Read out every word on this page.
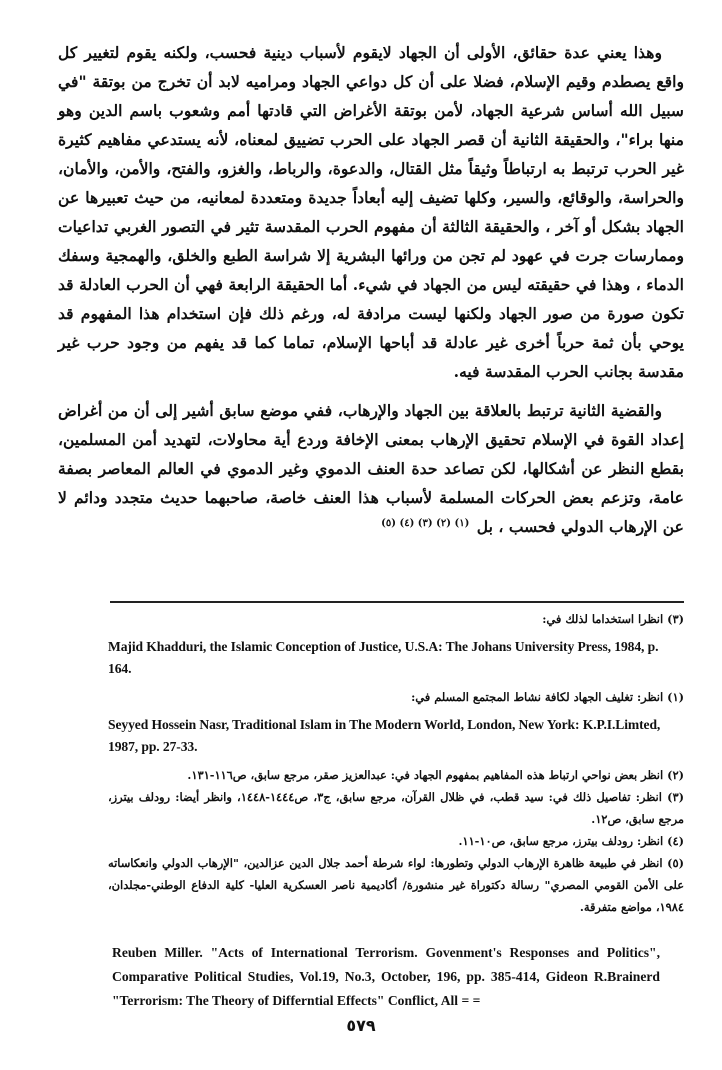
وهذا يعني عدة حقائق، الأولى أن الجهاد لايقوم لأسباب دينية فحسب، ولكنه يقوم لتغيير كل واقع يصطدم وقيم الإسلام، فضلا على أن كل دواعي الجهاد ومراميه لابد أن تخرج من بوتقة "في سبيل الله أساس شرعية الجهاد، لأمن بوتقة الأغراض التي قادتها أمم وشعوب باسم الدين وهو منها براء"، والحقيقة الثانية أن قصر الجهاد على الحرب تضييق لمعناه، لأنه يستدعي مفاهيم كثيرة غير الحرب ترتبط به ارتباطاً وثيقاً مثل القتال، والدعوة، والرباط، والغزو، والفتح، والأمن، والأمان، والحراسة، والوقائع، والسير، وكلها تضيف إليه أبعاداً جديدة ومتعددة لمعانيه، من حيث تعبيرها عن الجهاد بشكل أو آخر ، والحقيقة الثالثة أن مفهوم الحرب المقدسة تثير في التصور الغربي تداعيات وممارسات جرت في عهود لم تجن من ورائها البشرية إلا شراسة الطبع والخلق، والهمجية وسفك الدماء ، وهذا في حقيقته ليس من الجهاد في شيء. أما الحقيقة الرابعة فهي أن الحرب العادلة قد تكون صورة من صور الجهاد ولكنها ليست مرادفة له، ورغم ذلك فإن استخدام هذا المفهوم قد يوحي بأن ثمة حرباً أخرى غير عادلة قد أباحها الإسلام، تماما كما قد يفهم من وجود حرب غير مقدسة بجانب الحرب المقدسة فيه.

والقضية الثانية ترتبط بالعلاقة بين الجهاد والإرهاب، ففي موضع سابق أشير إلى أن من أغراض إعداد القوة في الإسلام تحقيق الإرهاب بمعنى الإخافة وردع أية محاولات، لتهديد أمن المسلمين، بقطع النظر عن أشكالها، لكن تصاعد حدة العنف الدموي وغير الدموي في العالم المعاصر بصفة عامة، وتزعم بعض الحركات المسلمة لأسباب هذا العنف خاصة، صاحبهما حديث متجدد ودائم لا عن الإرهاب الدولي فحسب ، بل $^{(١) (٢) (٣) (٤) (٥)}$

(٣) انظرا استخداما لذلك في:

Majid Khadduri, the Islamic Conception of Justice, U.S.A: The Johans University Press, 1984, p. 164.

(١) انظر: تغليف الجهاد لكافة نشاط المجتمع المسلم في:

Seyyed Hossein Nasr, Traditional Islam in The Modern World, London, New York: K.P.I.Limted, 1987, pp. 27-33.

(٢) انظر بعض نواحي ارتباط هذه المفاهيم بمفهوم الجهاد في: عبدالعزيز صقر، مرجع سابق، ص١١٦-١٣١.

(٣) انظر: تفاصيل ذلك في: سيد قطب، في ظلال القرآن، مرجع سابق، ج٣، ص١٤٤٤-١٤٤٨، وانظر أيضا: رودلف بيترز، مرجع سابق، ص١٢.

(٤) انظر: رودلف بيترز، مرجع سابق، ص١٠-١١.

(٥) انظر في طبيعة ظاهرة الإرهاب الدولي وتطورها: لواء شرطة أحمد جلال الدين عزالدين، "الإرهاب الدولي وانعكاساته على الأمن القومي المصري" رسالة دكتوراة غير منشورة/ أكاديمية ناصر العسكرية العليا- كلية الدفاع الوطني-مجلدان، ١٩٨٤، مواضع متفرقة.

Reuben Miller. "Acts of International Terrorism. Govenment's Responses and Politics", Comparative Political Studies, Vol.19, No.3, October, 196, pp. 385-414, Gideon R.Brainerd "Terrorism: The Theory of Differntial Effects" Conflict, All = =
٥٧٩
